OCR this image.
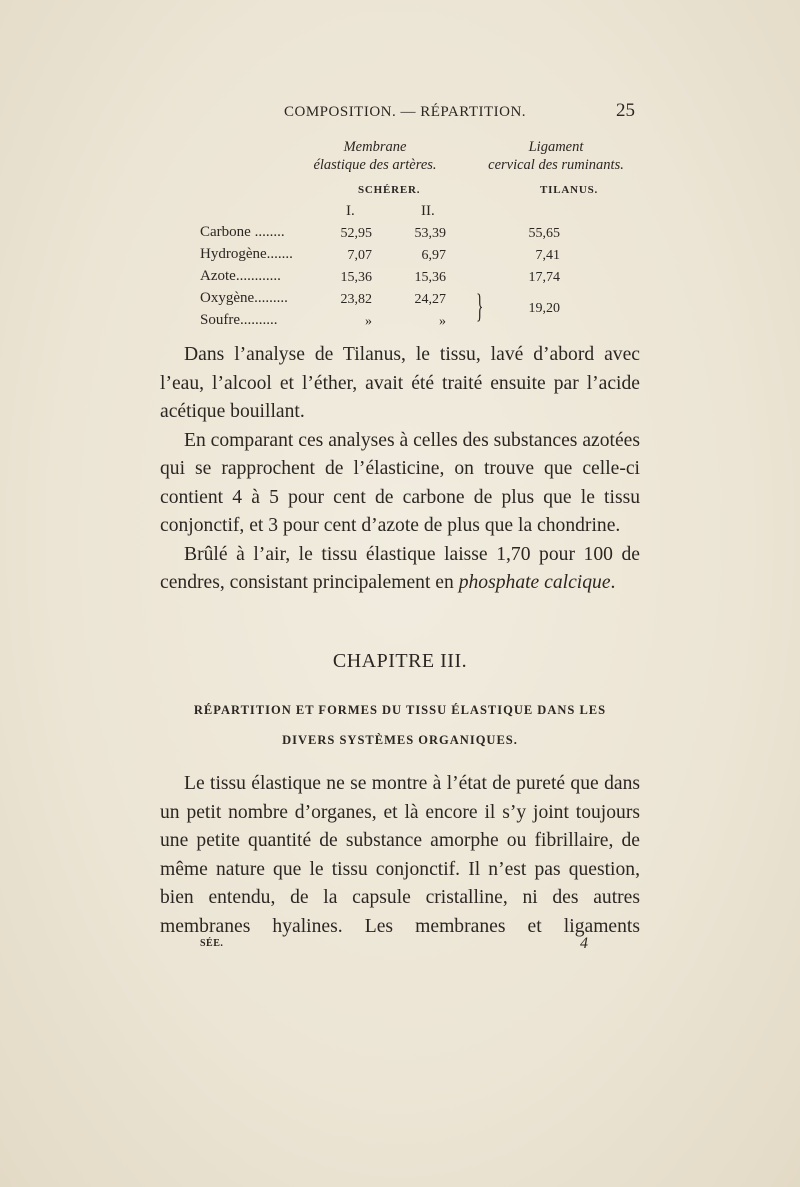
COMPOSITION. — RÉPARTITION.	25
Membrane
élastique des artères.
Ligament
cervical des ruminants.
SCHÉRER.	TILANUS.
I.	II.
Carbone ........	52,95	53,39	55,65
Hydrogène.......	7,07	6,97	7,41
Azote............	15,36	15,36	17,74
Oxygène.........	23,82	24,27
Soufre..........	»	» }	19,20

Dans l’analyse de Tilanus, le tissu, lavé d’abord avec l’eau, l’alcool et l’éther, avait été traité ensuite par l’acide acétique bouillant.

En comparant ces analyses à celles des substances azotées qui se rapprochent de l’élasticine, on trouve que celle-ci contient 4 à 5 pour cent de carbone de plus que le tissu conjonctif, et 3 pour cent d’azote de plus que la chondrine.

Brûlé à l’air, le tissu élastique laisse 1,70 pour 100 de cendres, consistant principalement en phosphate calcique.

CHAPITRE III.
RÉPARTITION ET FORMES DU TISSU ÉLASTIQUE DANS LES DIVERS SYSTÈMES ORGANIQUES.

Le tissu élastique ne se montre à l’état de pureté que dans un petit nombre d’organes, et là encore il s’y joint toujours une petite quantité de substance amorphe ou fibrillaire, de même nature que le tissu conjonctif. Il n’est pas question, bien entendu, de la capsule cristalline, ni des autres membranes hyalines. Les membranes et ligaments

SÉE.	4
